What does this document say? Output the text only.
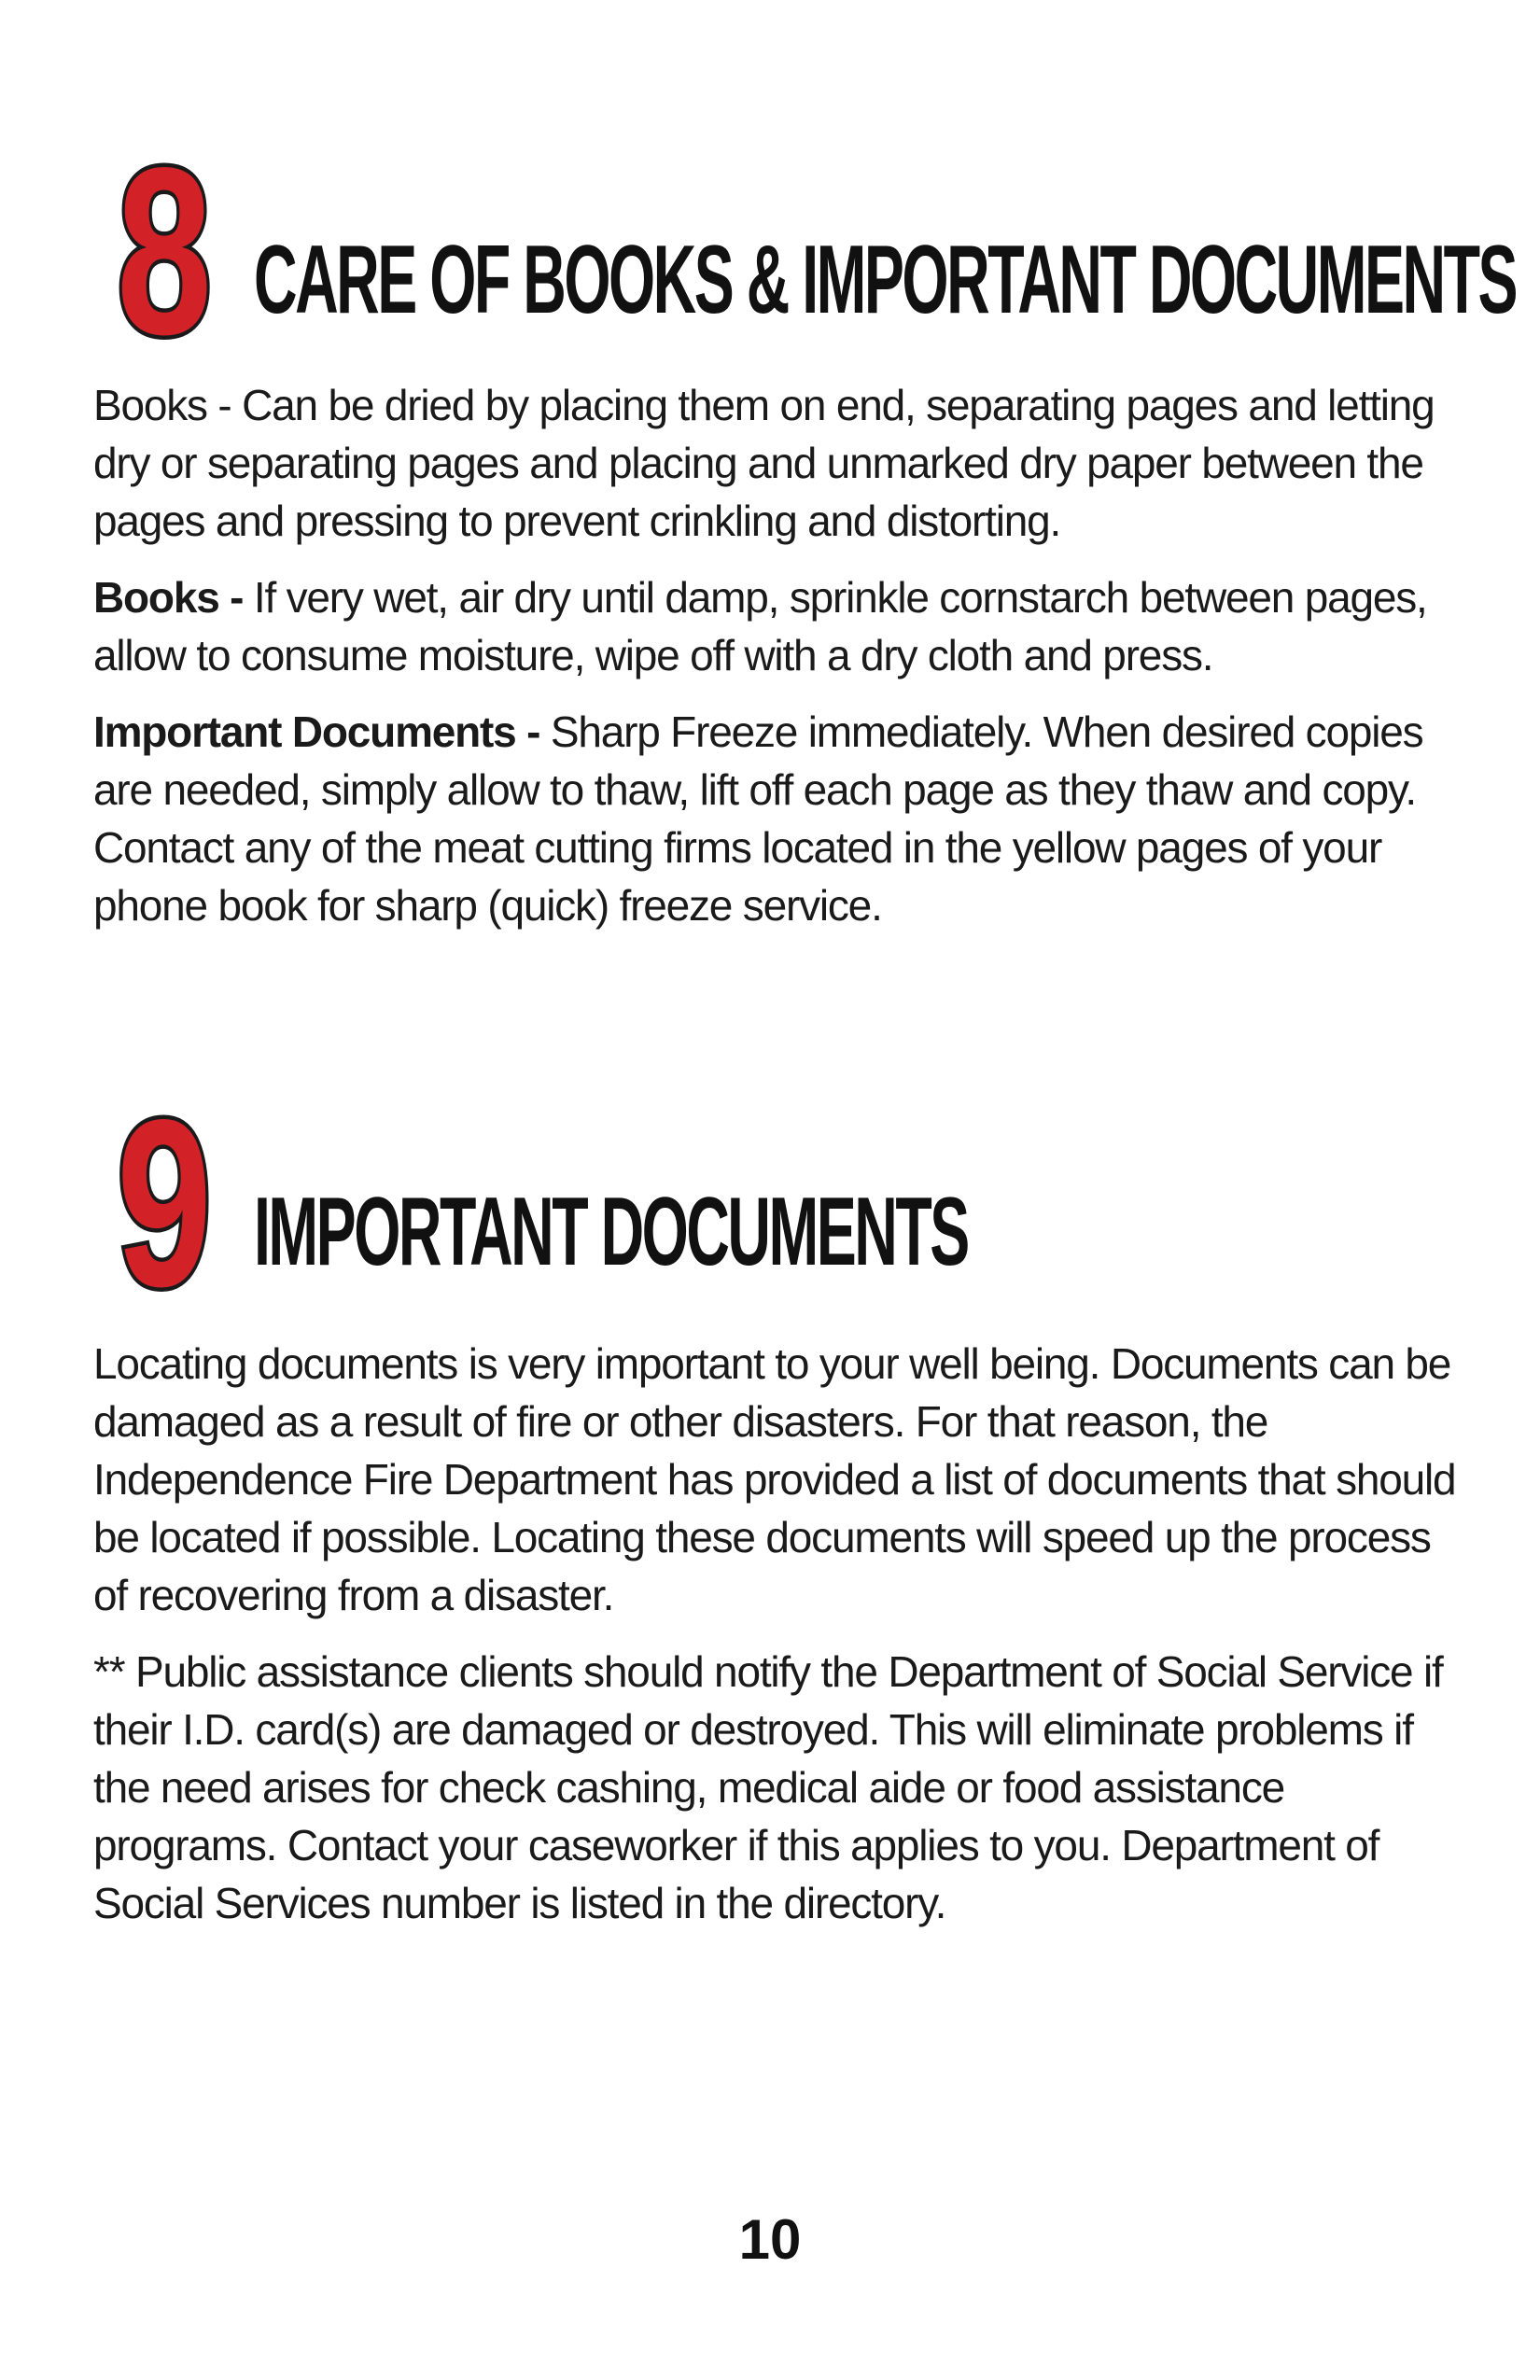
8 CARE OF BOOKS & IMPORTANT DOCUMENTS

Books - Can be dried by placing them on end, separating pages and letting dry or separating pages and placing and unmarked dry paper between the pages and pressing to prevent crinkling and distorting.

Books - If very wet, air dry until damp, sprinkle cornstarch between pages, allow to consume moisture, wipe off with a dry cloth and press.

Important Documents - Sharp Freeze immediately. When desired copies are needed, simply allow to thaw, lift off each page as they thaw and copy. Contact any of the meat cutting firms located in the yellow pages of your phone book for sharp (quick) freeze service.

9 IMPORTANT DOCUMENTS

Locating documents is very important to your well being. Documents can be damaged as a result of fire or other disasters. For that reason, the Independence Fire Department has provided a list of documents that should be located if possible. Locating these documents will speed up the process of recovering from a disaster.

** Public assistance clients should notify the Department of Social Service if their I.D. card(s) are damaged or destroyed. This will eliminate problems if the need arises for check cashing, medical aide or food assistance programs. Contact your caseworker if this applies to you. Department of Social Services number is listed in the directory.

10
